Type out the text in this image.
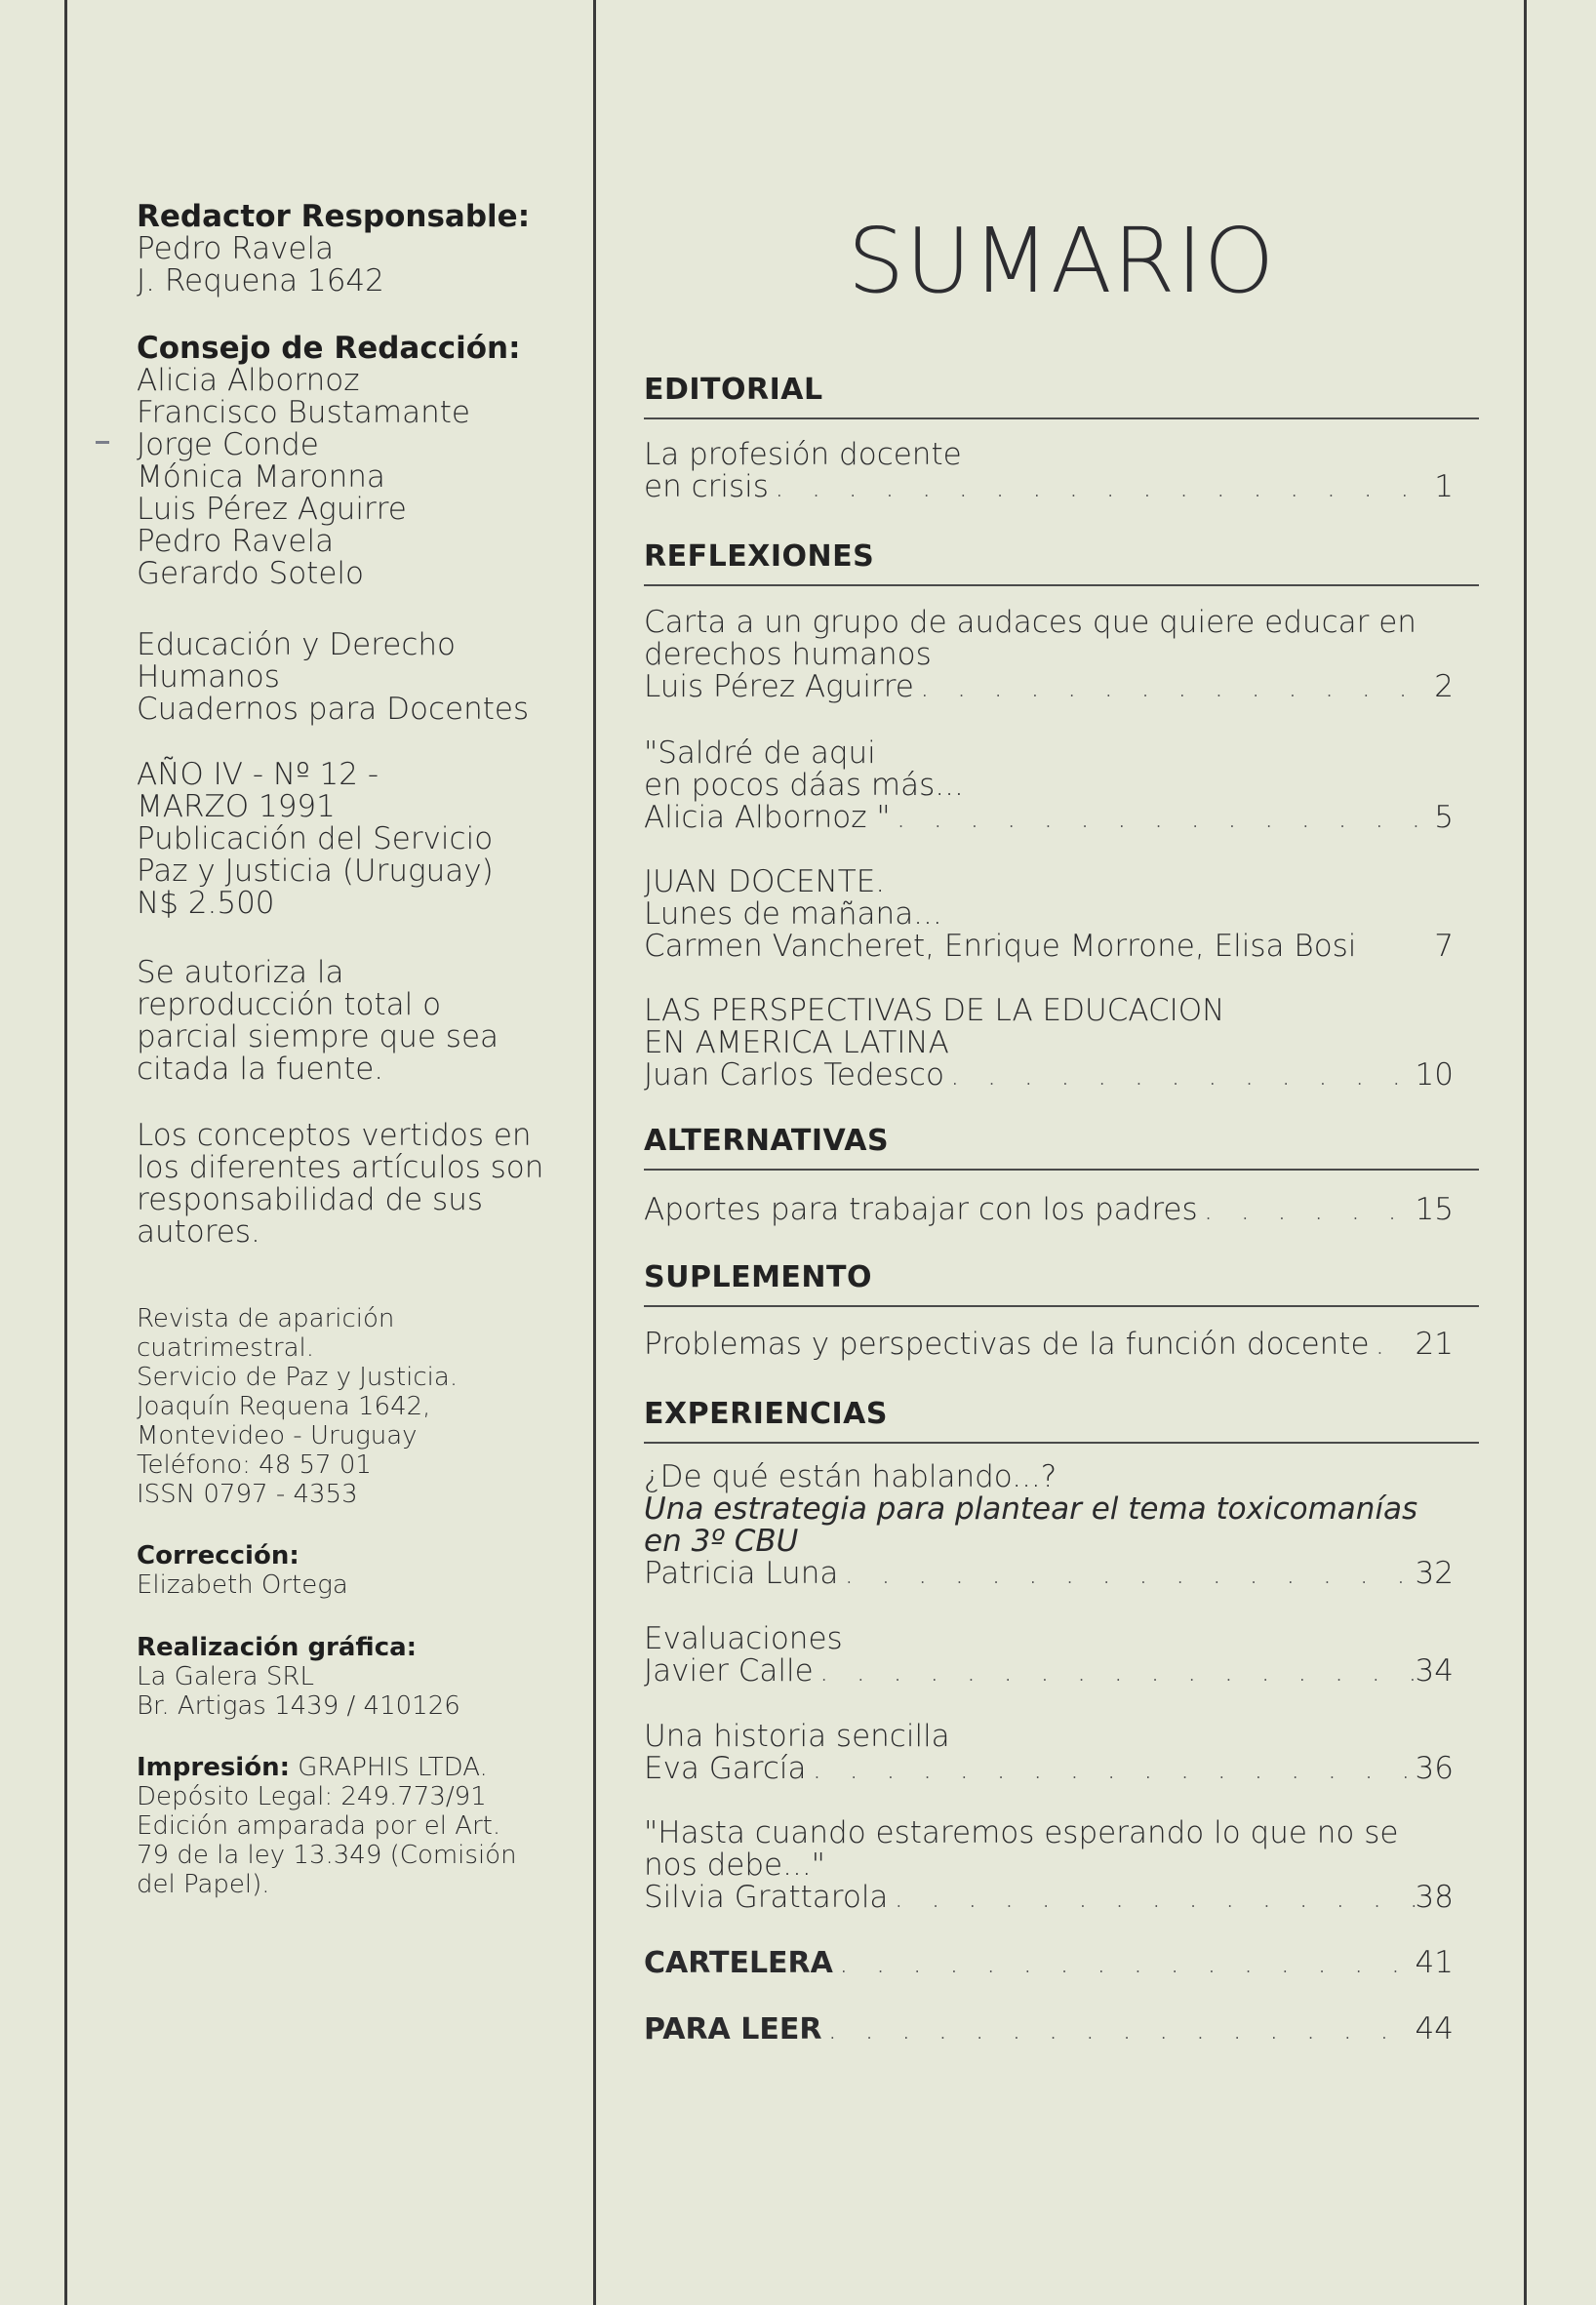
Redactor Responsable:
Pedro Ravela
J. Requena 1642
Consejo de Redacción:
Alicia Albornoz
Francisco Bustamante
Jorge Conde
Mónica Maronna
Luis Pérez Aguirre
Pedro Ravela
Gerardo Sotelo
Educación y Derecho
Humanos
Cuadernos para Docentes
AÑO IV - Nº 12 -
MARZO 1991
Publicación del Servicio
Paz y Justicia (Uruguay)
N$ 2.500
Se autoriza la
reproducción total o
parcial siempre que sea
citada la fuente.
Los conceptos vertidos en
los diferentes artículos son
responsabilidad de sus
autores.
Revista de aparición
cuatrimestral.
Servicio de Paz y Justicia.
Joaquín Requena 1642,
Montevideo - Uruguay
Teléfono: 48 57 01
ISSN 0797 - 4353
Corrección:
Elizabeth Ortega
Realización gráfica:
La Galera SRL
Br. Artigas 1439 / 410126
Impresión: GRAPHIS LTDA.
Depósito Legal: 249.773/91
Edición amparada por el Art.
79 de la ley 13.349 (Comisión
del Papel).
SUMARIO
EDITORIAL
La profesión docente
en crisis . . .	1
REFLEXIONES
Carta a un grupo de audaces que quiere educar en
derechos humanos
Luis Pérez Aguirre . . .	2
"Saldré de aqui
en pocos dáas más...
Alicia Albornoz " . . .	5
JUAN DOCENTE.
Lunes de mañana...
Carmen Vancheret, Enrique Morrone, Elisa Bosi	7
LAS PERSPECTIVAS DE LA EDUCACION
EN AMERICA LATINA
Juan Carlos Tedesco . . .	10
ALTERNATIVAS
Aportes para trabajar con los padres . . .	15
SUPLEMENTO
Problemas y perspectivas de la función docente . . . 21
EXPERIENCIAS
¿De qué están hablando...?
Una estrategia para plantear el tema toxicomanías
en 3º CBU
Patricia Luna . . .	32
Evaluaciones
Javier Calle . . .	34
Una historia sencilla
Eva García . . .	36
"Hasta cuando estaremos esperando lo que no se
nos debe..."
Silvia Grattarola . . .	38
CARTELERA . . .	41
PARA LEER . . .	44
